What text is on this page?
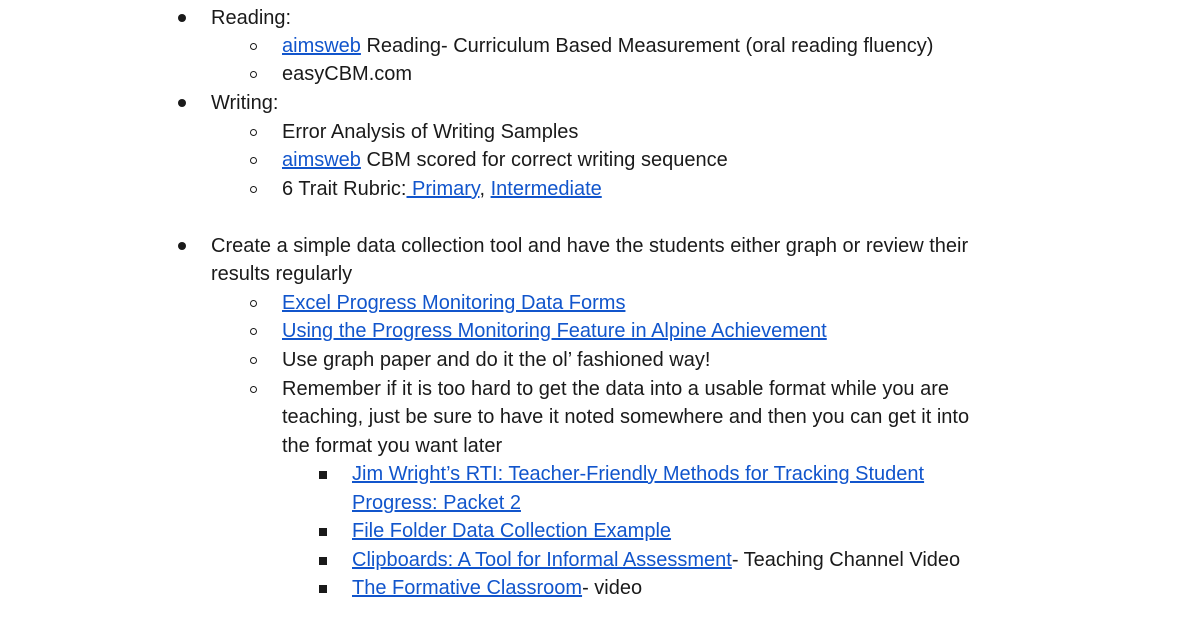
Reading:
aimsweb Reading- Curriculum Based Measurement (oral reading fluency)
easyCBM.com
Writing:
Error Analysis of Writing Samples
aimsweb CBM scored for correct writing sequence
6 Trait Rubric: Primary, Intermediate
Create a simple data collection tool and have the students either graph or review their
results regularly
Excel Progress Monitoring Data Forms
Using the Progress Monitoring Feature in Alpine Achievement
Use graph paper and do it the ol’ fashioned way!
Remember if it is too hard to get the data into a usable format while you are
teaching, just be sure to have it noted somewhere and then you can get it into
the format you want later
Jim Wright’s RTI: Teacher-Friendly Methods for Tracking Student
Progress: Packet 2
File Folder Data Collection Example
Clipboards: A Tool for Informal Assessment- Teaching Channel Video
The Formative Classroom- video
